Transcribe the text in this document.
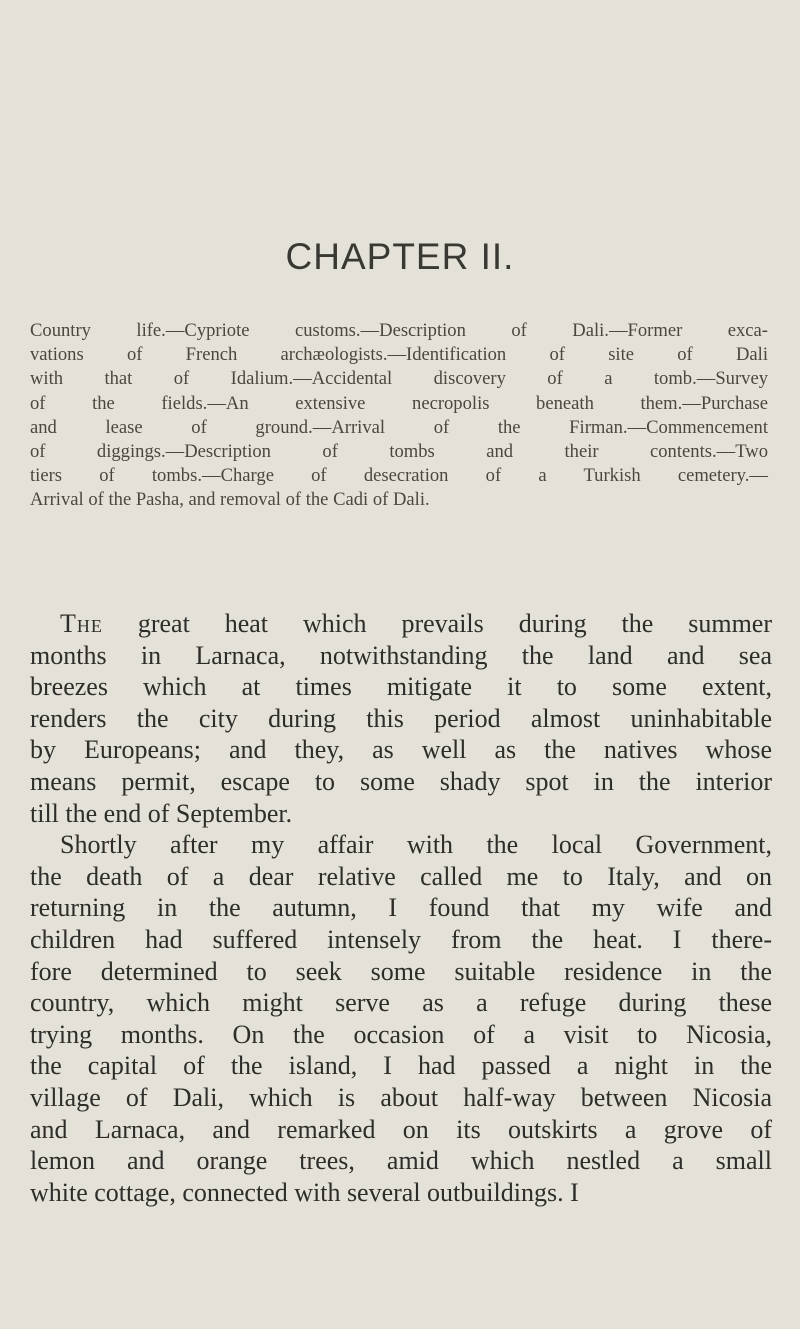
CHAPTER II.
Country life.—Cypriote customs.—Description of Dali.—Former exca-
vations of French archæologists.—Identification of site of Dali
with that of Idalium.—Accidental discovery of a tomb.—Survey
of the fields.—An extensive necropolis beneath them.—Purchase
and lease of ground.—Arrival of the Firman.—Commencement
of diggings.—Description of tombs and their contents.—Two
tiers of tombs.—Charge of desecration of a Turkish cemetery.—
Arrival of the Pasha, and removal of the Cadi of Dali.
The great heat which prevails during the summer
months in Larnaca, notwithstanding the land and sea
breezes which at times mitigate it to some extent,
renders the city during this period almost uninhabitable
by Europeans; and they, as well as the natives whose
means permit, escape to some shady spot in the interior
till the end of September.
Shortly after my affair with the local Government,
the death of a dear relative called me to Italy, and on
returning in the autumn, I found that my wife and
children had suffered intensely from the heat. I there-
fore determined to seek some suitable residence in the
country, which might serve as a refuge during these
trying months. On the occasion of a visit to Nicosia,
the capital of the island, I had passed a night in the
village of Dali, which is about half-way between Nicosia
and Larnaca, and remarked on its outskirts a grove of
lemon and orange trees, amid which nestled a small
white cottage, connected with several outbuildings. I
